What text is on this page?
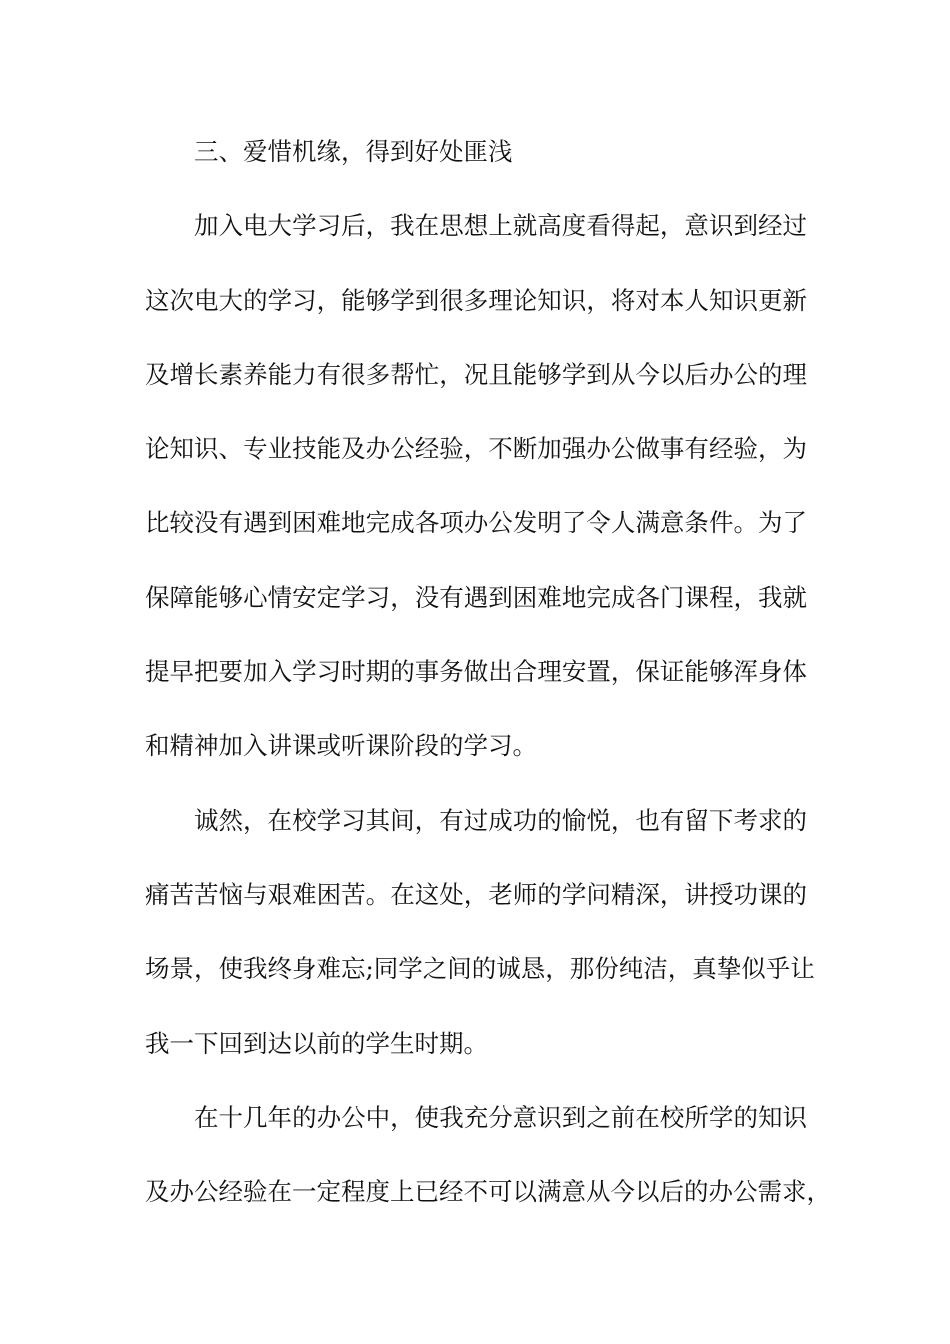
三、爱惜机缘，得到好处匪浅
加入电大学习后，我在思想上就高度看得起，意识到经过
这次电大的学习，能够学到很多理论知识，将对本人知识更新
及增长素养能力有很多帮忙，况且能够学到从今以后办公的理
论知识、专业技能及办公经验，不断加强办公做事有经验，为
比较没有遇到困难地完成各项办公发明了令人满意条件。为了
保障能够心情安定学习，没有遇到困难地完成各门课程，我就
提早把要加入学习时期的事务做出合理安置，保证能够浑身体
和精神加入讲课或听课阶段的学习。
诚然，在校学习其间，有过成功的愉悦，也有留下考求的
痛苦苦恼与艰难困苦。在这处，老师的学问精深，讲授功课的
场景，使我终身难忘;同学之间的诚恳，那份纯洁，真挚似乎让
我一下回到达以前的学生时期。
在十几年的办公中，使我充分意识到之前在校所学的知识
及办公经验在一定程度上已经不可以满意从今以后的办公需求，
